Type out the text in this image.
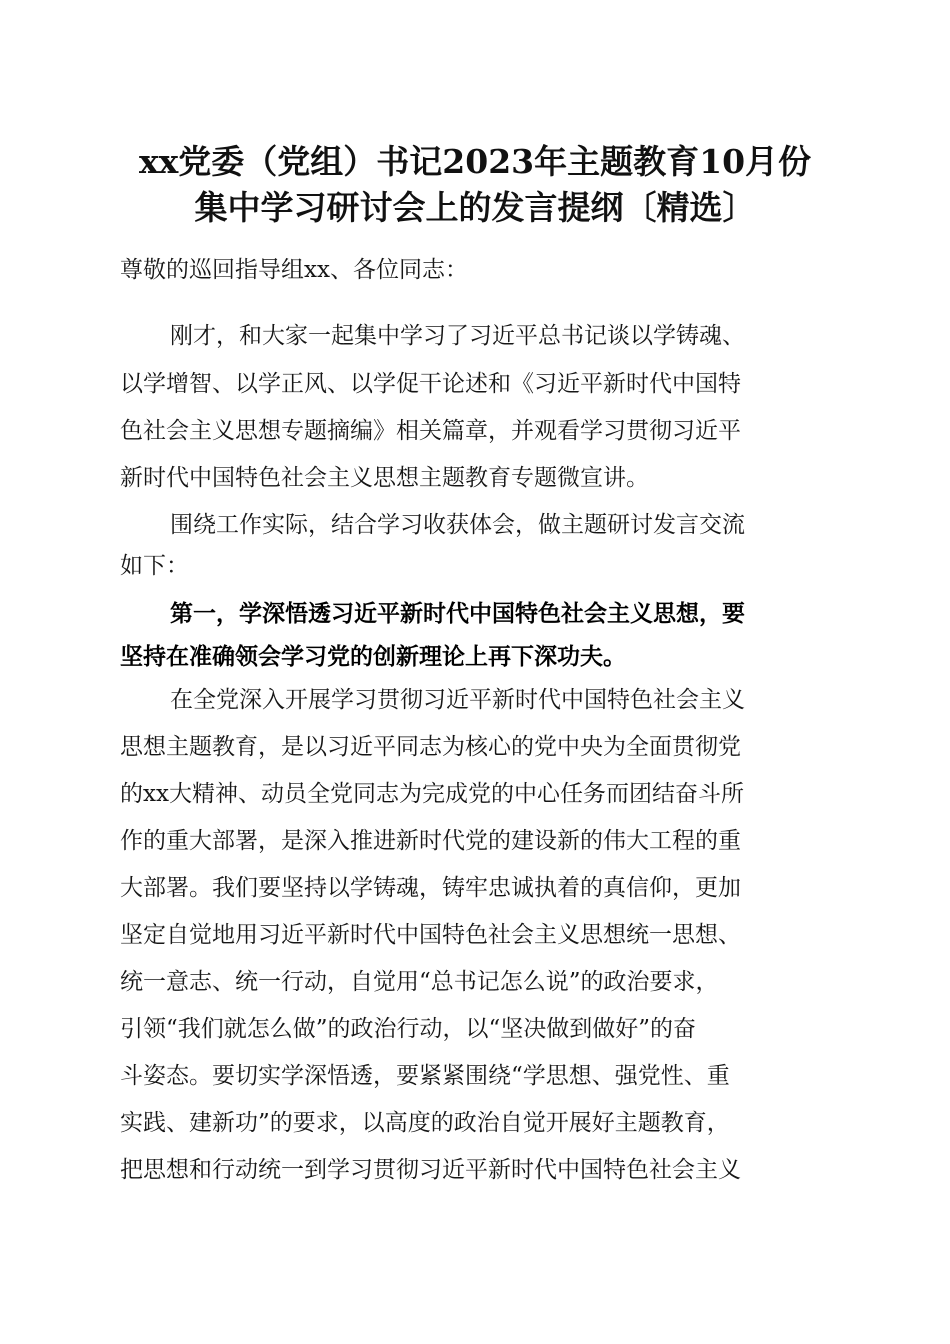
xx党委（党组）书记2023年主题教育10月份
集中学习研讨会上的发言提纲〔精选〕

尊敬的巡回指导组xx、各位同志：

刚才，和大家一起集中学习了习近平总书记谈以学铸魂、

以学增智、以学正风、以学促干论述和《习近平新时代中国特

色社会主义思想专题摘编》相关篇章，并观看学习贯彻习近平

新时代中国特色社会主义思想主题教育专题微宣讲。

围绕工作实际，结合学习收获体会，做主题研讨发言交流

如下：

第一，学深悟透习近平新时代中国特色社会主义思想，要

坚持在准确领会学习党的创新理论上再下深功夫。

在全党深入开展学习贯彻习近平新时代中国特色社会主义

思想主题教育，是以习近平同志为核心的党中央为全面贯彻党

的xx大精神、动员全党同志为完成党的中心任务而团结奋斗所

作的重大部署，是深入推进新时代党的建设新的伟大工程的重

大部署。我们要坚持以学铸魂，铸牢忠诚执着的真信仰，更加

坚定自觉地用习近平新时代中国特色社会主义思想统一思想、

统一意志、统一行动，自觉用“总书记怎么说”的政治要求，

引领“我们就怎么做”的政治行动，以“坚决做到做好”的奋

斗姿态。要切实学深悟透，要紧紧围绕“学思想、强党性、重

实践、建新功”的要求，以高度的政治自觉开展好主题教育，

把思想和行动统一到学习贯彻习近平新时代中国特色社会主义
